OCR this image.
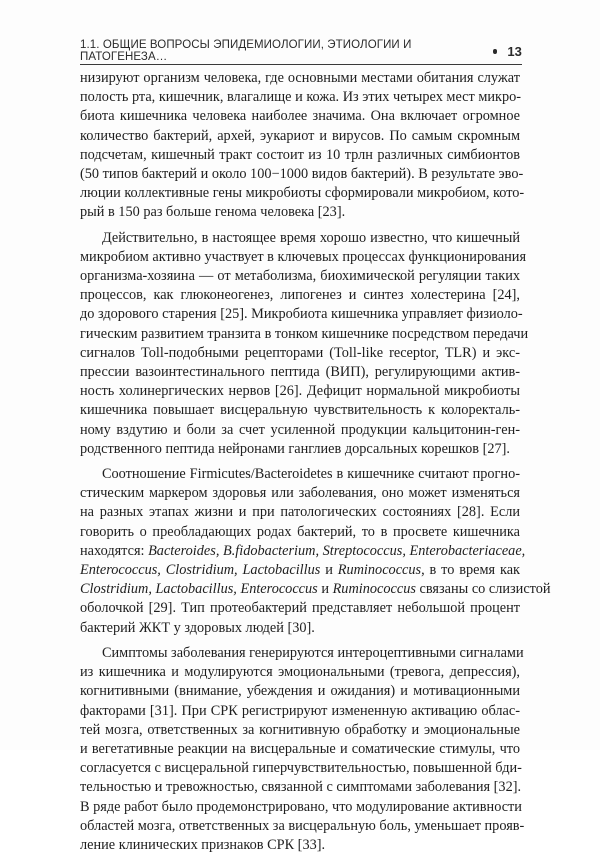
1.1. ОБЩИЕ ВОПРОСЫ ЭПИДЕМИОЛОГИИ, ЭТИОЛОГИИ И ПАТОГЕНЕЗА…	13

низируют организм человека, где основными местами обитания служат
полость рта, кишечник, влагалище и кожа. Из этих четырех мест микро-
биота кишечника человека наиболее значима. Она включает огромное
количество бактерий, архей, эукариот и вирусов. По самым скромным
подсчетам, кишечный тракт состоит из 10 трлн различных симбионтов
(50 типов бактерий и около 100−1000 видов бактерий). В результате эво-
люции коллективные гены микробиоты сформировали микробиом, кото-
рый в 150 раз больше генома человека [23].

Действительно, в настоящее время хорошо известно, что кишечный
микробиом активно участвует в ключевых процессах функционирования
организма-хозяина — от метаболизма, биохимической регуляции таких
процессов, как глюконеогенез, липогенез и синтез холестерина [24],
до здорового старения [25]. Микробиота кишечника управляет физиоло-
гическим развитием транзита в тонком кишечнике посредством передачи
сигналов Toll-подобными рецепторами (Toll-like receptor, TLR) и экс-
прессии вазоинтестинального пептида (ВИП), регулирующими актив-
ность холинергических нервов [26]. Дефицит нормальной микробиоты
кишечника повышает висцеральную чувствительность к колоректаль-
ному вздутию и боли за счет усиленной продукции кальцитонин-ген-
родственного пептида нейронами ганглиев дорсальных корешков [27].

Соотношение Firmicutes/Bacteroidetes в кишечнике считают прогно-
стическим маркером здоровья или заболевания, оно может изменяться
на разных этапах жизни и при патологических состояниях [28]. Если
говорить о преобладающих родах бактерий, то в просвете кишечника
находятся: Bacteroides, B.fidobacterium, Streptococcus, Enterobacteriaceae,
Enterococcus, Clostridium, Lactobacillus и Ruminococcus, в то время как
Clostridium, Lactobacillus, Enterococcus и Ruminococcus связаны со слизистой
оболочкой [29]. Тип протеобактерий представляет небольшой процент
бактерий ЖКТ у здоровых людей [30].

Симптомы заболевания генерируются интероцептивными сигналами
из кишечника и модулируются эмоциональными (тревога, депрессия),
когнитивными (внимание, убеждения и ожидания) и мотивационными
факторами [31]. При СРК регистрируют измененную активацию облас-
тей мозга, ответственных за когнитивную обработку и эмоциональные
и вегетативные реакции на висцеральные и соматические стимулы, что
согласуется с висцеральной гиперчувствительностью, повышенной бди-
тельностью и тревожностью, связанной с симптомами заболевания [32].
В ряде работ было продемонстрировано, что модулирование активности
областей мозга, ответственных за висцеральную боль, уменьшает прояв-
ление клинических признаков СРК [33].
